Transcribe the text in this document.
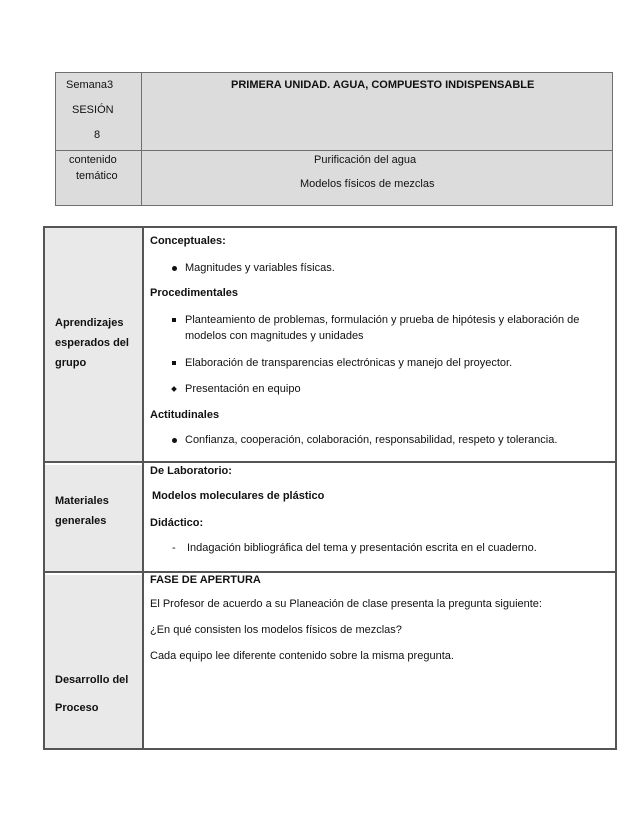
Semana3
SESIÓN
8
PRIMERA UNIDAD. AGUA, COMPUESTO INDISPENSABLE
contenido
temático
Purificación del agua
Modelos físicos de mezclas
Aprendizajes
esperados del
grupo
Conceptuales:
Magnitudes y variables físicas.
Procedimentales
Planteamiento de problemas, formulación y prueba de hipótesis y elaboración de
modelos con magnitudes y unidades
Elaboración de transparencias electrónicas y manejo del proyector.
Presentación en equipo
Actitudinales
Confianza, cooperación, colaboración, responsabilidad, respeto y tolerancia.
Materiales
generales
De Laboratorio:
Modelos moleculares de plástico
Didáctico:
- Indagación bibliográfica del tema y presentación escrita en el cuaderno.
Desarrollo del
Proceso
FASE DE APERTURA
El Profesor de acuerdo a su Planeación de clase presenta la pregunta siguiente:
¿En qué consisten los modelos físicos de mezclas?
Cada equipo lee diferente contenido sobre la misma pregunta.
